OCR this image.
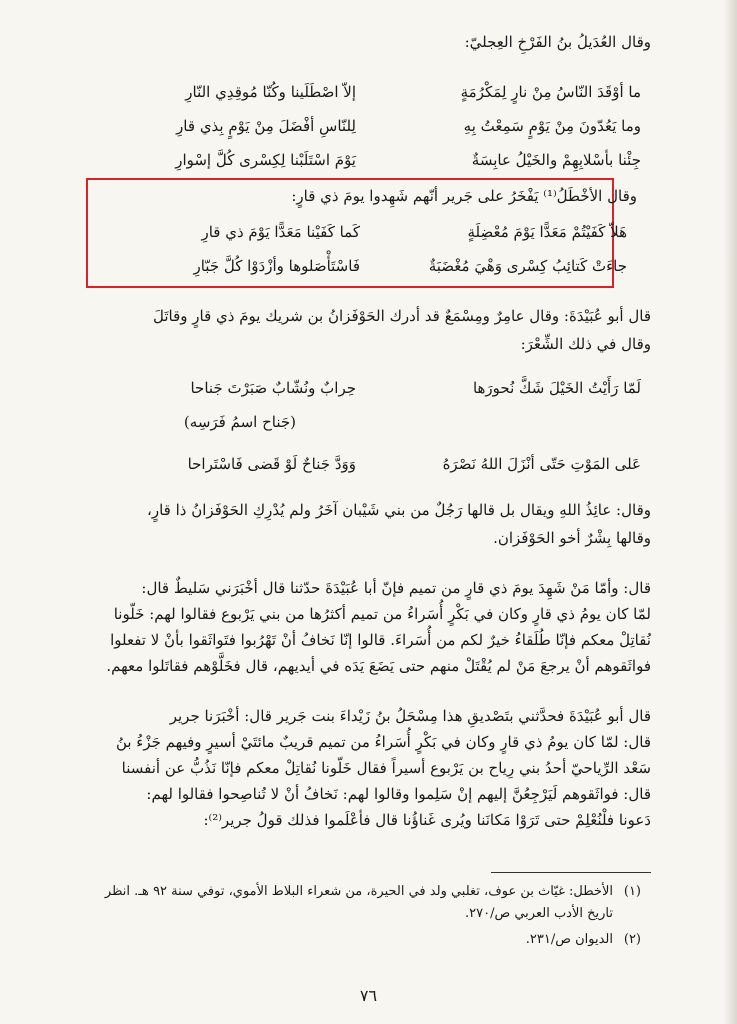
وقال العُدَيلُ بنُ الفَرْخِ العِجليّ:
ما أوْقَدَ النّاسُ مِنْ نارٍ لِمَكْرُمَةٍ
إلاّ اصْطَلَينا وكُنّا مُوقِدِي النّارِ
وما يَعُدّونَ مِنْ يَوْمٍ سَمِعْتُ بِهِ
لِلنّاسِ أفْضَلَ مِنْ يَوْمٍ بِذي قارِ
جِئْنا بأسْلابِهِمْ والخَيْلُ عابِسَةٌ
يَوْمَ اسْتَلَبْنا لِكِسْرى كُلَّ إسْوارِ
وقال الأخْطَلُ⁽¹⁾ يَفْخَرُ على جَرير أنّهم شَهِدوا يومَ ذي قارٍ:
هَلاّ كَفَيْتُمْ مَعَدًّا يَوْمَ مُعْضِلَةٍ
كَما كَفَيْنا مَعَدًّا يَوْمَ ذي قارِ
جاءَتْ كَتائِبُ كِسْرى وَهْيَ مُغْضَبَةٌ
فَاسْتَأْصَلوها وأزْدَوْا كُلَّ جَبّارِ
قال أبو عُبَيْدَةَ: وقال عامِرٌ ومِسْمَعٌ قد أدرك الحَوْفَزانُ بن شريك يومَ ذي قارٍ وقاتَلَ
وقال في ذلك الشِّعْرَ:
لَمّا رَأَيْتُ الخَيْلَ شَكَّ نُحورَها
حِرابٌ ونُشّابٌ صَبَرْتَ جَناحا
(جَناح اسمُ فَرَسِه)
عَلى المَوْتِ حَتّى أنْزَلَ اللهُ نَصْرَهُ
وَوَدَّ جَناحٌ لَوْ قَضى فَاسْتَراحا
وقال: عائِذُ اللهِ ويقال بل قالها رَجُلٌ من بني شَيْبان آخَرُ ولم يُدْرِكِ الحَوْفَزانُ ذا قارٍ،
وقالها بِشْرٌ أخو الحَوْفَزان.
قال: وأمّا مَنْ شَهِدَ يومَ ذي قارٍ من تميم فإنّ أبا عُبَيْدَةَ حدّثنا قال أخْبَرَني سَليطٌ قال:
لمّا كان يومُ ذي قارٍ وكان في بَكْرٍ أُسَراءُ من تميم أكثرُها من بني يَرْبوع فقالوا لهم: خَلّونا
نُقاتِلْ معكم فإنّا طُلَقاءُ خيرٌ لكم من أُسَراءَ. قالوا إنّا نَخافُ أنْ تَهْرُبوا فتَواثَقوا بأنْ لا تفعلوا
فواثَقوهم أنْ يرجعَ مَنْ لم يُقْتَلْ منهم حتى يَضَعَ يَدَه في أيديهم، قال فخَلَّوْهم فقاتَلوا معهم.
قال أبو عُبَيْدَةَ فحدَّثني بتَصْديقِ هذا مِسْحَلُ بنُ زَيْداءَ بنت جَرير قال: أخْبَرَنا جرير
قال: لمّا كان يومُ ذي قارٍ وكان في بَكْرٍ أُسَراءُ من تميم قريبٌ مائتَيْ أسيرٍ وفيهم جَزْءُ بنُ
سَعْد الرِّياحيّ أحدُ بني رِياح بن يَرْبوع أسيراً فقال خَلّونا نُقاتِلْ معكم فإنّا نَذُبُّ عن أنفسنا
قال: فواثَقوهم لَيَرْجِعُنَّ إليهم إنْ سَلِموا وقالوا لهم: نَخافُ أنْ لا تُناصِحوا فقالوا لهم:
دَعونا فلْنُعْلِمْ حتى تَرَوْا مَكانَنا ويُرى غَناؤُنا قال فأعْلَموا فذلك قولُ جرير⁽²⁾:
(١)
الأخطل: غيّاث بن عوف، تغلبي ولد في الحيرة، من شعراء البلاط الأموي، توفي سنة ٩٢ هـ. انظر
تاريخ الأدب العربي ص/٢٧٠.
(٢)
الديوان ص/٢٣١.
٧٦
